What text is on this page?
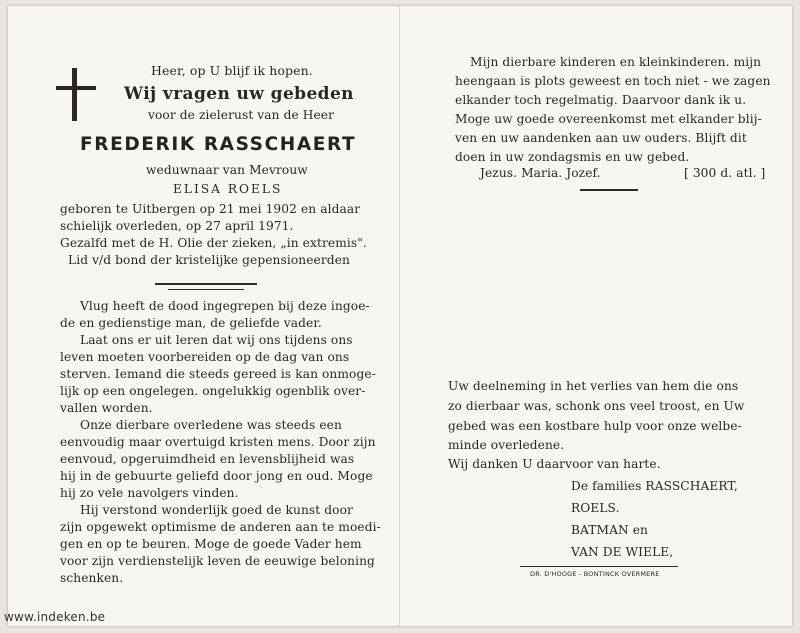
Heer, op U blijf ik hopen.
Wij vragen uw gebeden
voor de zielerust van de Heer
FREDERIK RASSCHAERT
weduwnaar van Mevrouw
ELISA ROELS
geboren te Uitbergen op 21 mei 1902 en aldaar
schielijk overleden, op 27 april 1971.
Gezalfd met de H. Olie der zieken, „in extremis".
Lid v/d bond der kristelijke gepensioneerden
Vlug heeft de dood ingegrepen bij deze ingoe-
de en gedienstige man, de geliefde vader.
Laat ons er uit leren dat wij ons tijdens ons
leven moeten voorbereiden op de dag van ons
sterven. Iemand die steeds gereed is kan onmoge-
lijk op een ongelegen. ongelukkig ogenblik over-
vallen worden.
Onze dierbare overledene was steeds een
eenvoudig maar overtuigd kristen mens. Door zijn
eenvoud, opgeruimdheid en levensblijheid was
hij in de gebuurte geliefd door jong en oud. Moge
hij zo vele navolgers vinden.
Hij verstond wonderlijk goed de kunst door
zijn opgewekt optimisme de anderen aan te moedi-
gen en op te beuren. Moge de goede Vader hem
voor zijn verdienstelijk leven de eeuwige beloning
schenken.
Mijn dierbare kinderen en kleinkinderen. mijn
heengaan is plots geweest en toch niet - we zagen
elkander toch regelmatig. Daarvoor dank ik u.
Moge uw goede overeenkomst met elkander blij-
ven en uw aandenken aan uw ouders. Blijft dit
doen in uw zondagsmis en uw gebed.
Jezus. Maria. Jozef.	[ 300 d. atl. ]
Uw deelneming in het verlies van hem die ons
zo dierbaar was, schonk ons veel troost, en Uw
gebed was een kostbare hulp voor onze welbe-
minde overledene.
Wij danken U daarvoor van harte.
De families RASSCHAERT,
ROELS.
BATMAN en
VAN DE WIELE,
DR. D'HOOGE - BONTINCK OVERMERE
www.indeken.be
